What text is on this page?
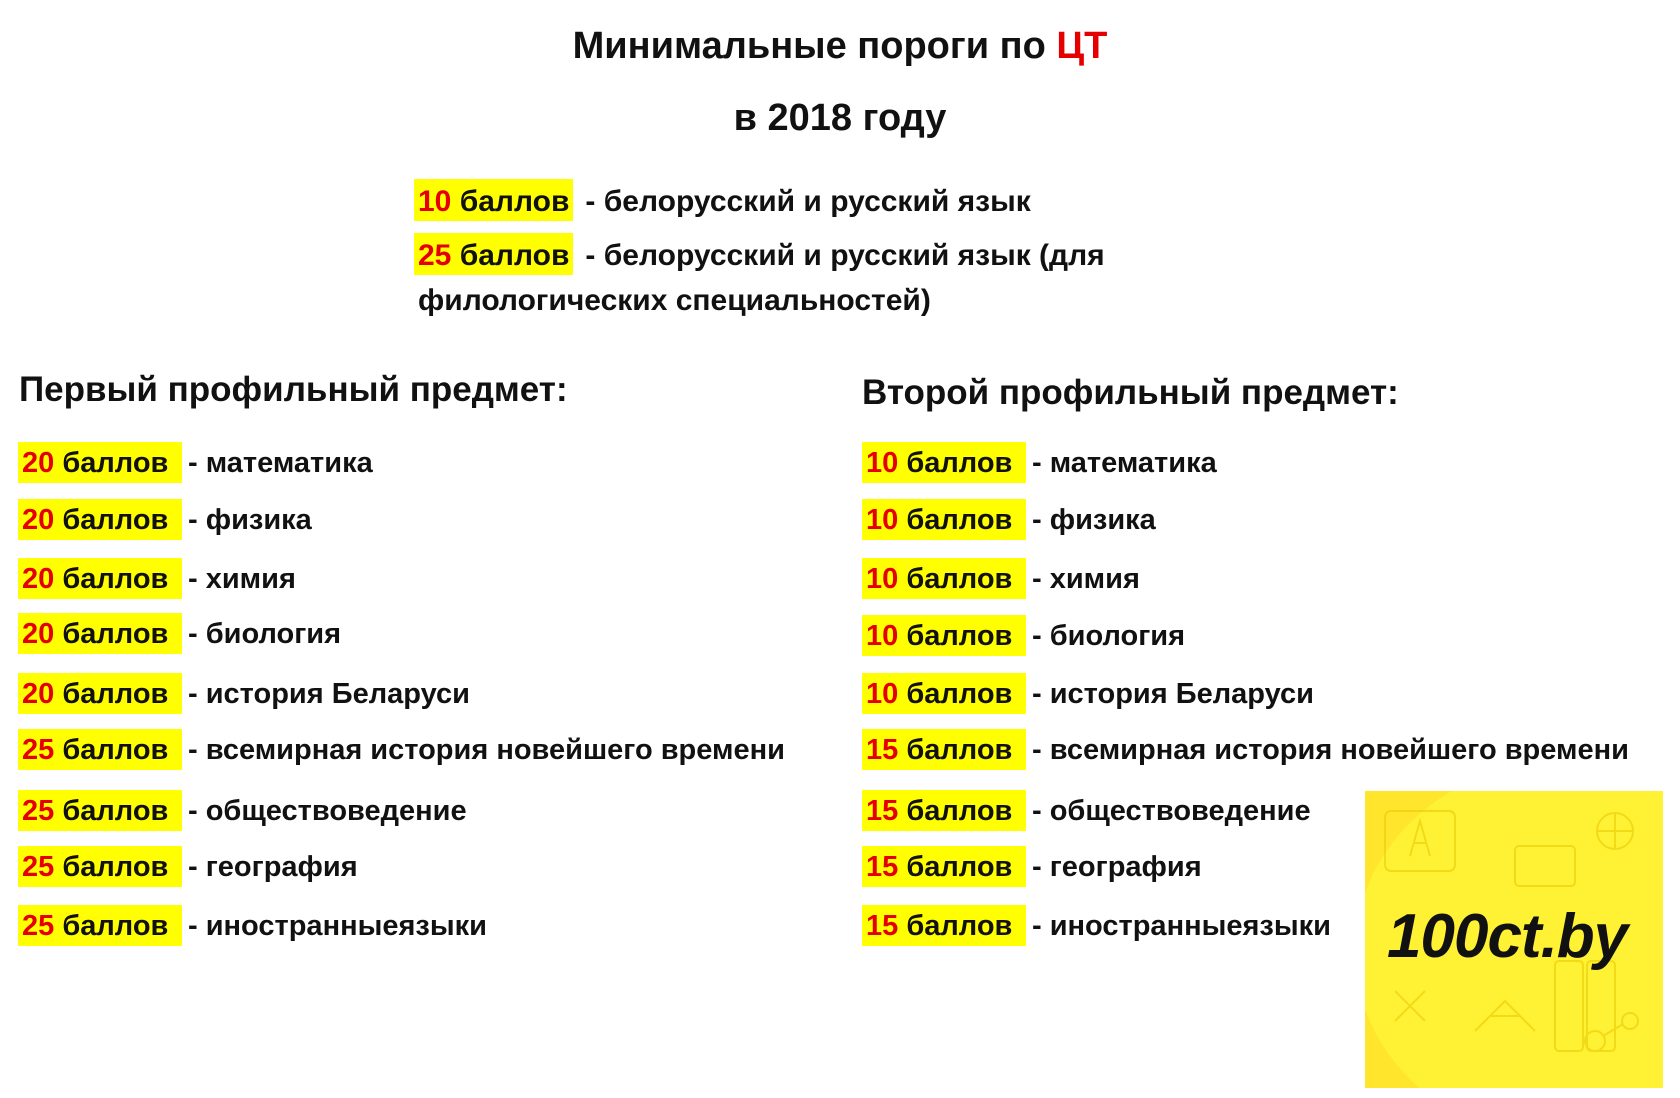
Минимальные пороги по ЦТ
в 2018 году
10 баллов - белорусский и русский язык
25 баллов - белорусский и русский язык (для
филологических специальностей)
Первый профильный предмет:	Второй профильный предмет:
20 баллов - математика
20 баллов - физика
20 баллов - химия
20 баллов - биология
20 баллов - история Беларуси
25 баллов - всемирная история новейшего времени
25 баллов - обществоведение
25 баллов - география
25 баллов - иностранныеязыки
10 баллов - математика
10 баллов - физика
10 баллов - химия
10 баллов - биология
10 баллов - история Беларуси
15 баллов - всемирная история новейшего времени
15 баллов - обществоведение
15 баллов - география
15 баллов - иностранныеязыки 100ct.by
